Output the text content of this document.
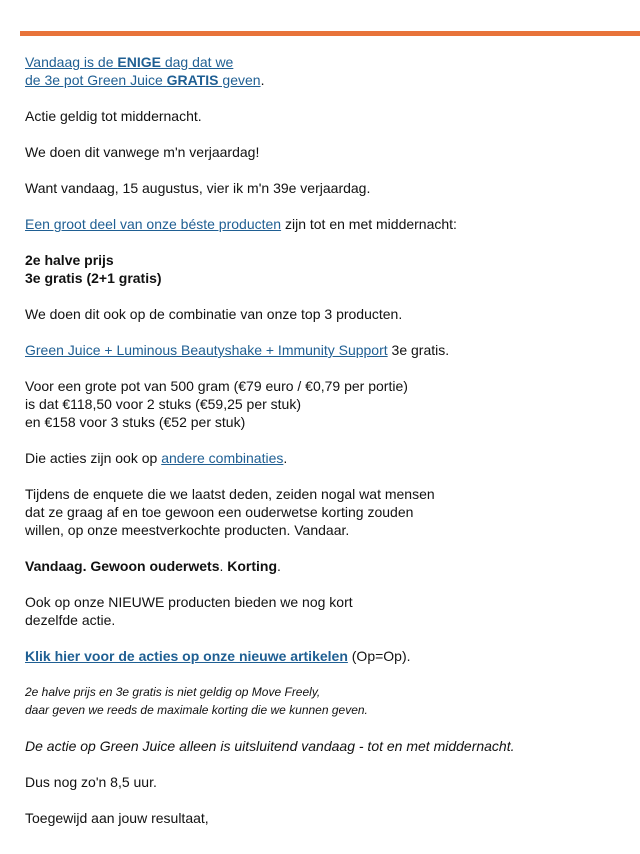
Vandaag is de ENIGE dag dat we
de 3e pot Green Juice GRATIS geven.

Actie geldig tot middernacht.

We doen dit vanwege m'n verjaardag!

Want vandaag, 15 augustus, vier ik m'n 39e verjaardag.

Een groot deel van onze béste producten zijn tot en met middernacht:

2e halve prijs
3e gratis (2+1 gratis)

We doen dit ook op de combinatie van onze top 3 producten.

Green Juice + Luminous Beautyshake + Immunity Support 3e gratis.

Voor een grote pot van 500 gram (€79 euro / €0,79 per portie)
is dat €118,50 voor 2 stuks (€59,25 per stuk)
en €158 voor 3 stuks (€52 per stuk)

Die acties zijn ook op andere combinaties.

Tijdens de enquete die we laatst deden, zeiden nogal wat mensen
dat ze graag af en toe gewoon een ouderwetse korting zouden
willen, op onze meestverkochte producten. Vandaar.

Vandaag. Gewoon ouderwets. Korting.

Ook op onze NIEUWE producten bieden we nog kort
dezelfde actie.

Klik hier voor de acties op onze nieuwe artikelen (Op=Op).

2e halve prijs en 3e gratis is niet geldig op Move Freely,
daar geven we reeds de maximale korting die we kunnen geven.

De actie op Green Juice alleen is uitsluitend vandaag - tot en met middernacht.

Dus nog zo'n 8,5 uur.

Toegewijd aan jouw resultaat,
